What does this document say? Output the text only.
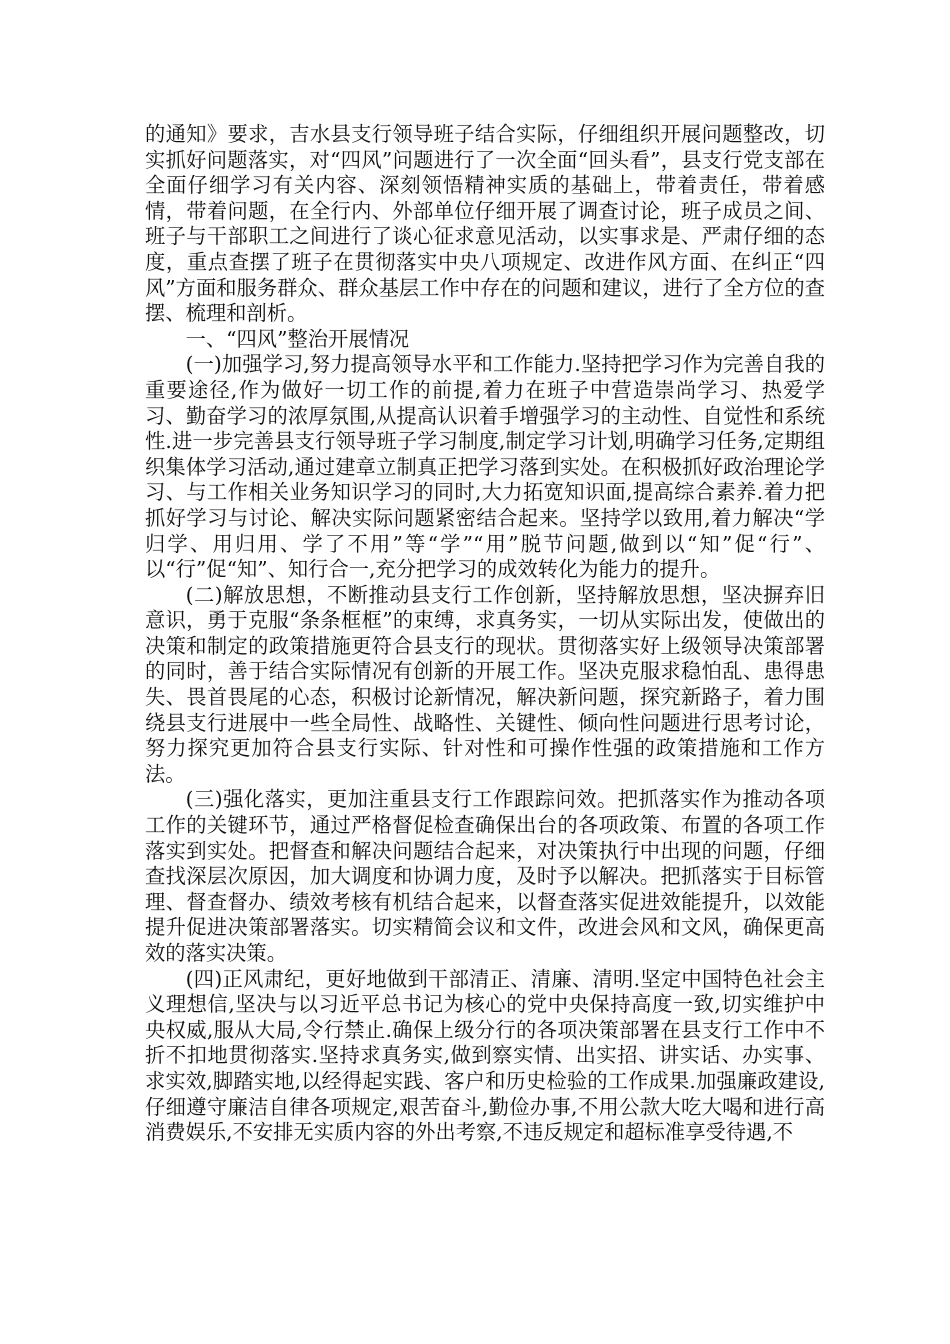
的通知》要求，吉水县支行领导班子结合实际，仔细组织开展问题整改，切实抓好问题落实，对“四风”问题进行了一次全面“回头看”，县支行党支部在全面仔细学习有关内容、深刻领悟精神实质的基础上，带着责任，带着感情，带着问题，在全行内、外部单位仔细开展了调查讨论，班子成员之间、班子与干部职工之间进行了谈心征求意见活动，以实事求是、严肃仔细的态度，重点查摆了班子在贯彻落实中央八项规定、改进作风方面、在纠正“四风”方面和服务群众、群众基层工作中存在的问题和建议，进行了全方位的查摆、梳理和剖析。

一、“四风”整治开展情况

(一)加强学习,努力提高领导水平和工作能力.坚持把学习作为完善自我的重要途径,作为做好一切工作的前提,着力在班子中营造崇尚学习、热爱学习、勤奋学习的浓厚氛围,从提高认识着手增强学习的主动性、自觉性和系统性.进一步完善县支行领导班子学习制度,制定学习计划,明确学习任务,定期组织集体学习活动,通过建章立制真正把学习落到实处。在积极抓好政治理论学习、与工作相关业务知识学习的同时,大力拓宽知识面,提高综合素养.着力把抓好学习与讨论、解决实际问题紧密结合起来。坚持学以致用,着力解决“学归学、用归用、学了不用”等“学”“用”脱节问题,做到以“知”促“行”、以“行”促“知”、知行合一,充分把学习的成效转化为能力的提升。

(二)解放思想，不断推动县支行工作创新，坚持解放思想，坚决摒弃旧意识，勇于克服“条条框框”的束缚，求真务实，一切从实际出发，使做出的决策和制定的政策措施更符合县支行的现状。贯彻落实好上级领导决策部署的同时，善于结合实际情况有创新的开展工作。坚决克服求稳怕乱、患得患失、畏首畏尾的心态，积极讨论新情况，解决新问题，探究新路子，着力围绕县支行进展中一些全局性、战略性、关键性、倾向性问题进行思考讨论，努力探究更加符合县支行实际、针对性和可操作性强的政策措施和工作方法。

(三)强化落实，更加注重县支行工作跟踪问效。把抓落实作为推动各项工作的关键环节，通过严格督促检查确保出台的各项政策、布置的各项工作落实到实处。把督查和解决问题结合起来，对决策执行中出现的问题，仔细查找深层次原因，加大调度和协调力度，及时予以解决。把抓落实于目标管理、督查督办、绩效考核有机结合起来，以督查落实促进效能提升，以效能提升促进决策部署落实。切实精简会议和文件，改进会风和文风，确保更高效的落实决策。

(四)正风肃纪，更好地做到干部清正、清廉、清明.坚定中国特色社会主义理想信,坚决与以习近平总书记为核心的党中央保持高度一致,切实维护中央权威,服从大局,令行禁止.确保上级分行的各项决策部署在县支行工作中不折不扣地贯彻落实.坚持求真务实,做到察实情、出实招、讲实话、办实事、求实效,脚踏实地,以经得起实践、客户和历史检验的工作成果.加强廉政建设,仔细遵守廉洁自律各项规定,艰苦奋斗,勤俭办事,不用公款大吃大喝和进行高消费娱乐,不安排无实质内容的外出考察,不违反规定和超标准享受待遇,不
